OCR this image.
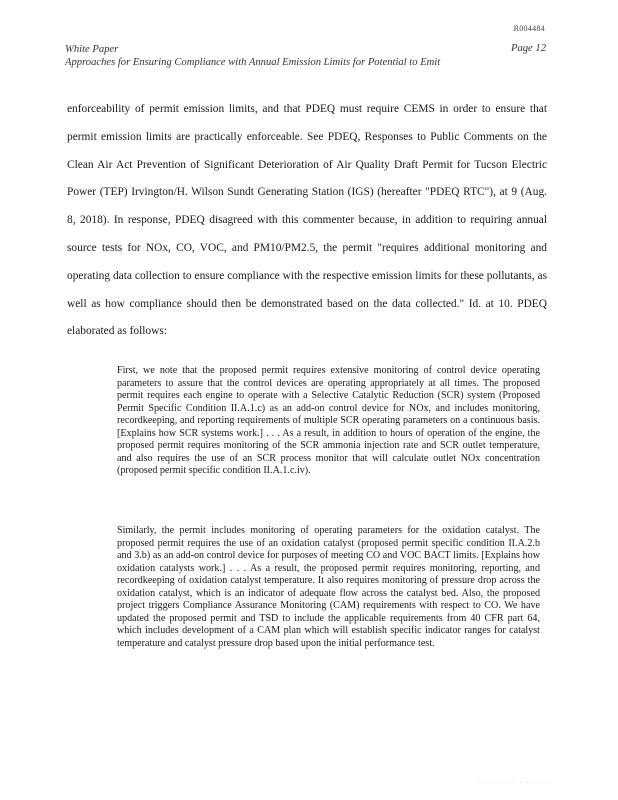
R004484
White Paper
Approaches for Ensuring Compliance with Annual Emission Limits for Potential to Emit
Page 12

enforceability of permit emission limits, and that PDEQ must require CEMS in order to ensure that permit emission limits are practically enforceable. See PDEQ, Responses to Public Comments on the Clean Air Act Prevention of Significant Deterioration of Air Quality Draft Permit for Tucson Electric Power (TEP) Irvington/H. Wilson Sundt Generating Station (IGS) (hereafter "PDEQ RTC"), at 9 (Aug. 8, 2018). In response, PDEQ disagreed with this commenter because, in addition to requiring annual source tests for NOx, CO, VOC, and PM10/PM2.5, the permit "requires additional monitoring and operating data collection to ensure compliance with the respective emission limits for these pollutants, as well as how compliance should then be demonstrated based on the data collected." Id. at 10. PDEQ elaborated as follows:

First, we note that the proposed permit requires extensive monitoring of control device operating parameters to assure that the control devices are operating appropriately at all times. The proposed permit requires each engine to operate with a Selective Catalytic Reduction (SCR) system (Proposed Permit Specific Condition II.A.1.c) as an add-on control device for NOx, and includes monitoring, recordkeeping, and reporting requirements of multiple SCR operating parameters on a continuous basis. [Explains how SCR systems work.] . . . As a result, in addition to hours of operation of the engine, the proposed permit requires monitoring of the SCR ammonia injection rate and SCR outlet temperature, and also requires the use of an SCR process monitor that will calculate outlet NOx concentration (proposed permit specific condition II.A.1.c.iv).

Similarly, the permit includes monitoring of operating parameters for the oxidation catalyst. The proposed permit requires the use of an oxidation catalyst (proposed permit specific condition II.A.2.b and 3.b) as an add-on control device for purposes of meeting CO and VOC BACT limits. [Explains how oxidation catalysts work.] . . . As a result, the proposed permit requires monitoring, reporting, and recordkeeping of oxidation catalyst temperature. It also requires monitoring of pressure drop across the oxidation catalyst, which is an indicator of adequate flow across the catalyst bed. Also, the proposed project triggers Compliance Assurance Monitoring (CAM) requirements with respect to CO. We have updated the proposed permit and TSD to include the applicable requirements from 40 CFR part 64, which includes development of a CAM plan which will establish specific indicator ranges for catalyst temperature and catalyst pressure drop based upon the initial performance test.

. . . . . . . . . . .
